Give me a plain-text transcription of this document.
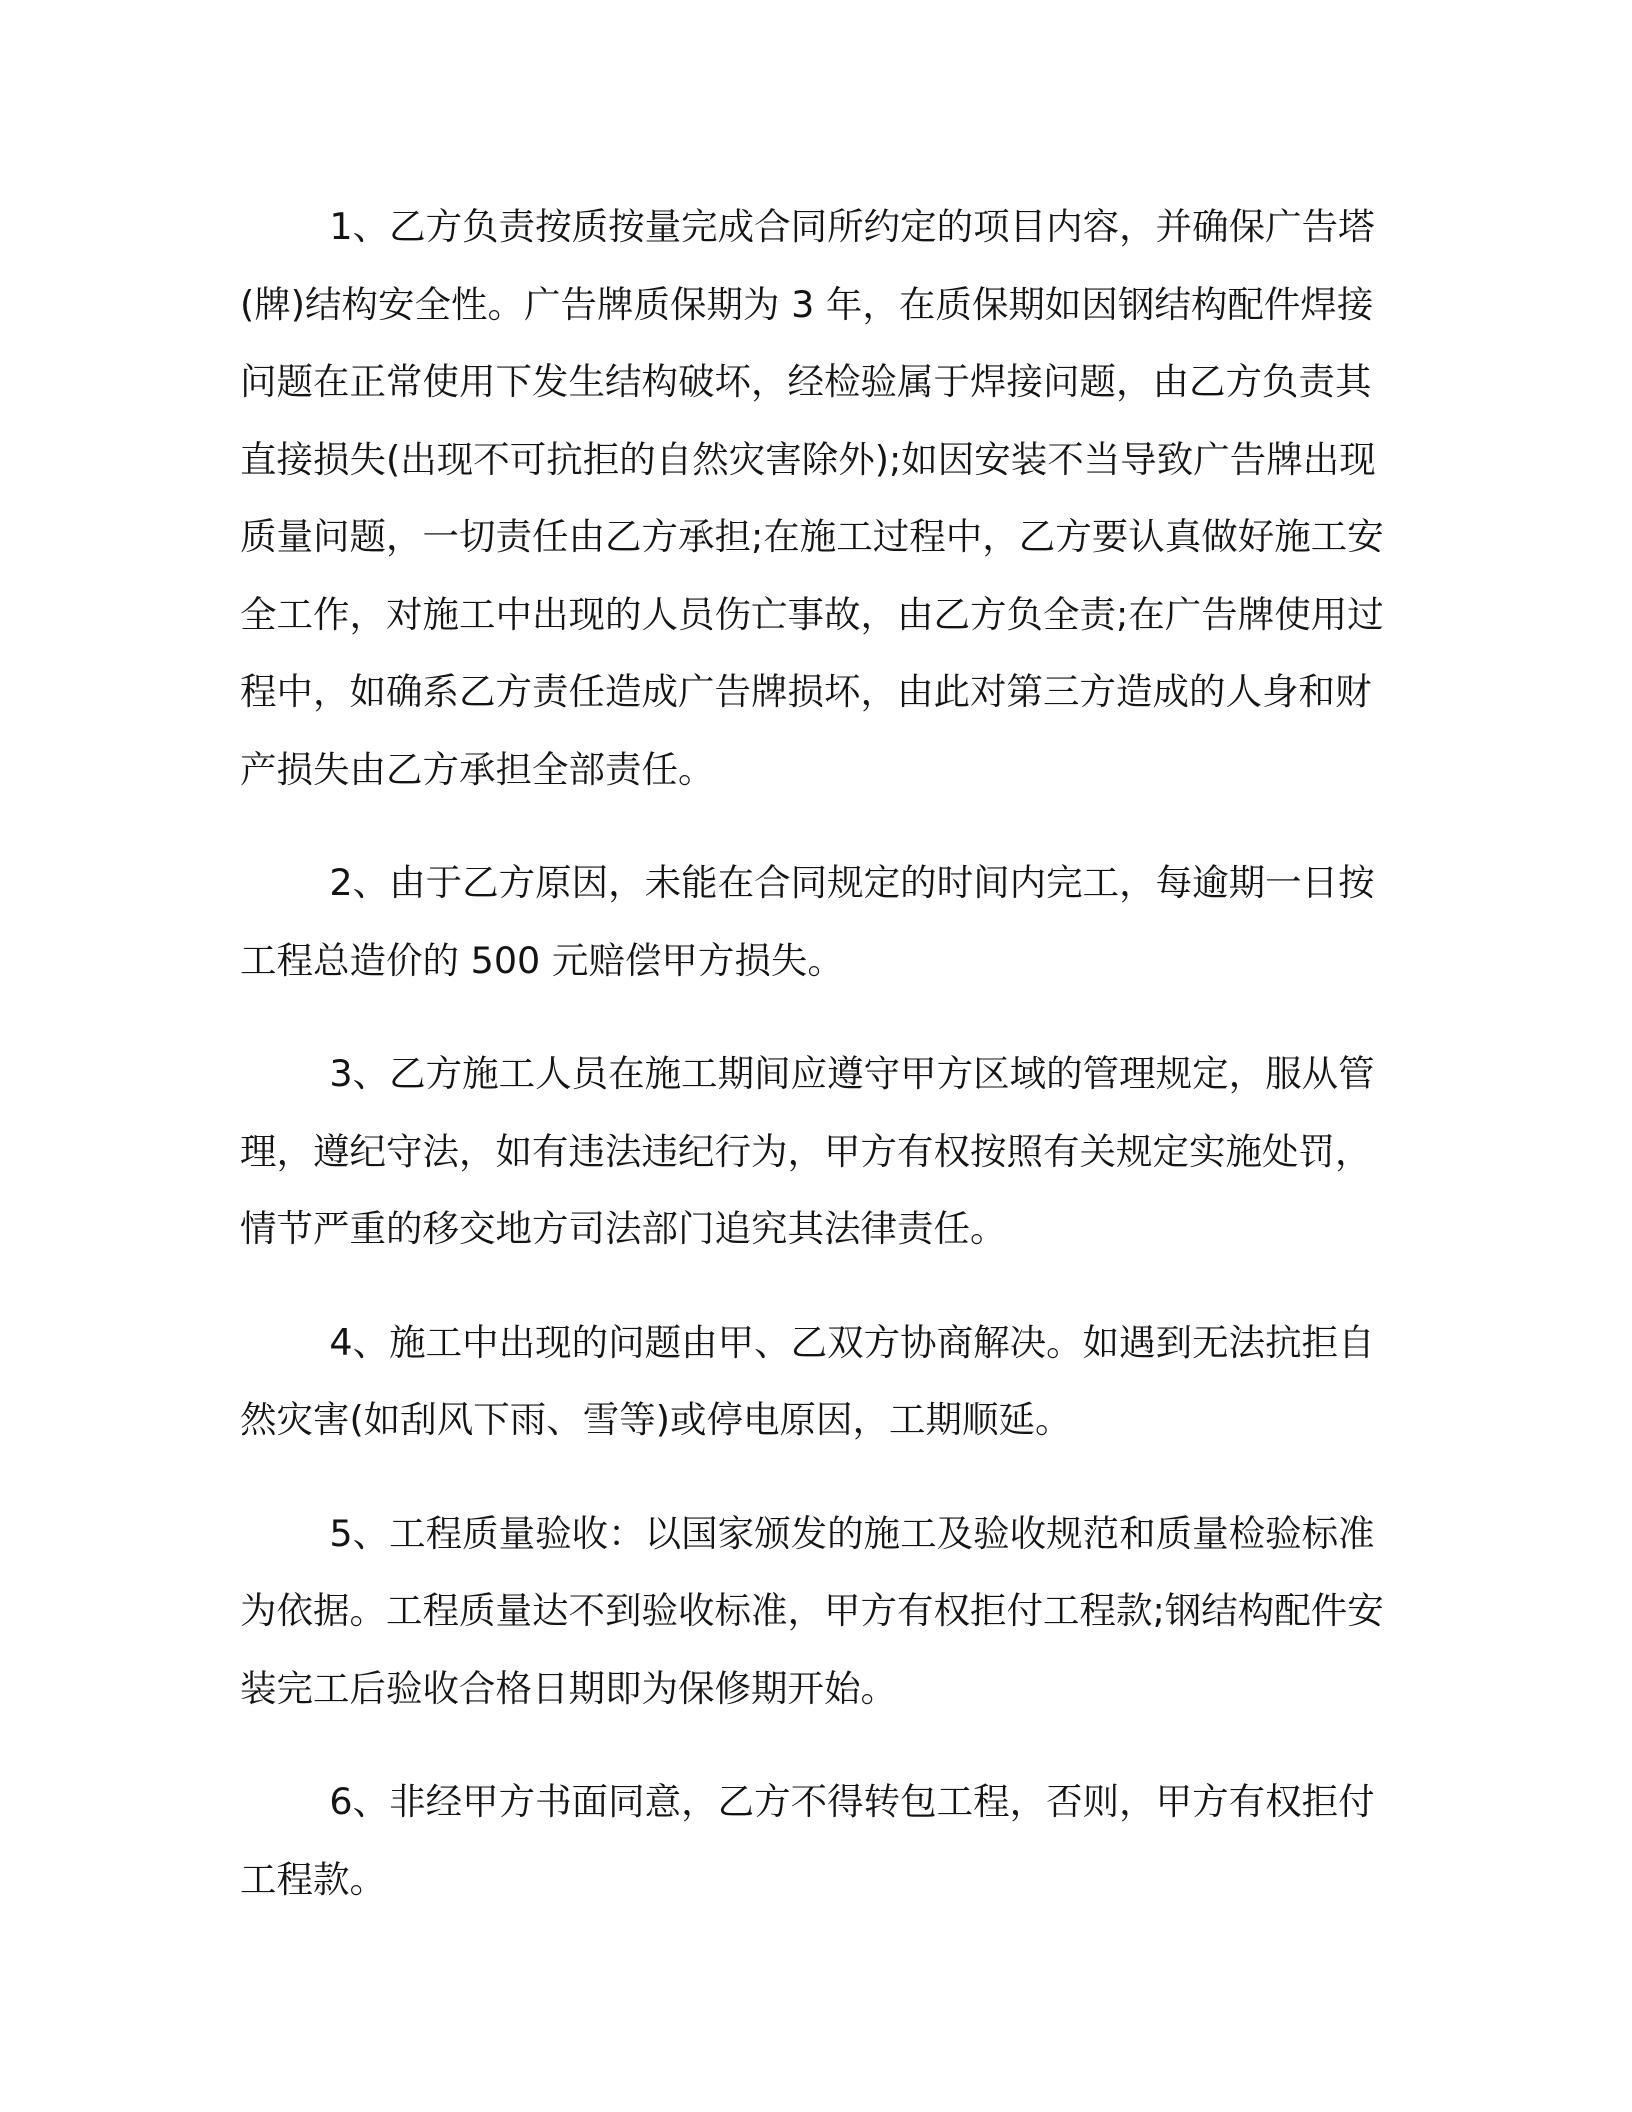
1、乙方负责按质按量完成合同所约定的项目内容，并确保广告塔(牌)结构安全性。广告牌质保期为 3 年，在质保期如因钢结构配件焊接问题在正常使用下发生结构破坏，经检验属于焊接问题，由乙方负责其直接损失(出现不可抗拒的自然灾害除外);如因安装不当导致广告牌出现质量问题，一切责任由乙方承担;在施工过程中，乙方要认真做好施工安全工作，对施工中出现的人员伤亡事故，由乙方负全责;在广告牌使用过程中，如确系乙方责任造成广告牌损坏，由此对第三方造成的人身和财产损失由乙方承担全部责任。

2、由于乙方原因，未能在合同规定的时间内完工，每逾期一日按工程总造价的 500 元赔偿甲方损失。

3、乙方施工人员在施工期间应遵守甲方区域的管理规定，服从管理，遵纪守法，如有违法违纪行为，甲方有权按照有关规定实施处罚，情节严重的移交地方司法部门追究其法律责任。

4、施工中出现的问题由甲、乙双方协商解决。如遇到无法抗拒自然灾害(如刮风下雨、雪等)或停电原因，工期顺延。

5、工程质量验收：以国家颁发的施工及验收规范和质量检验标准为依据。工程质量达不到验收标准，甲方有权拒付工程款;钢结构配件安装完工后验收合格日期即为保修期开始。

6、非经甲方书面同意，乙方不得转包工程，否则，甲方有权拒付工程款。
